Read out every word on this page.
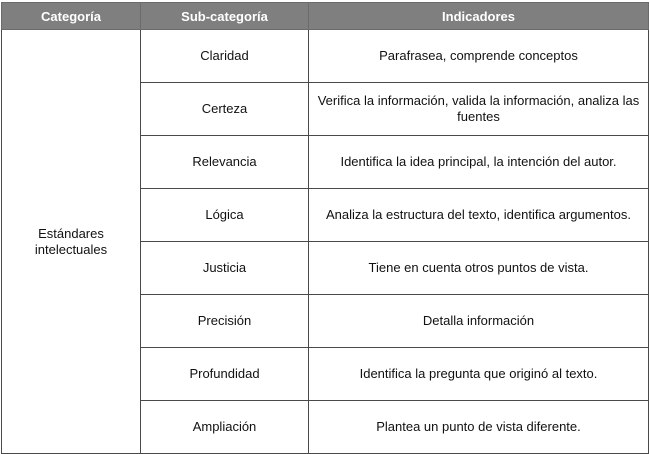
Categoría	Sub-categoría	Indicadores
Estándares intelectuales	Claridad	Parafrasea, comprende conceptos
	Certeza	Verifica la información, valida la información, analiza las fuentes
	Relevancia	Identifica la idea principal, la intención del autor.
	Lógica	Analiza la estructura del texto, identifica argumentos.
	Justicia	Tiene en cuenta otros puntos de vista.
	Precisión	Detalla información
	Profundidad	Identifica la pregunta que originó al texto.
	Ampliación	Plantea un punto de vista diferente.
